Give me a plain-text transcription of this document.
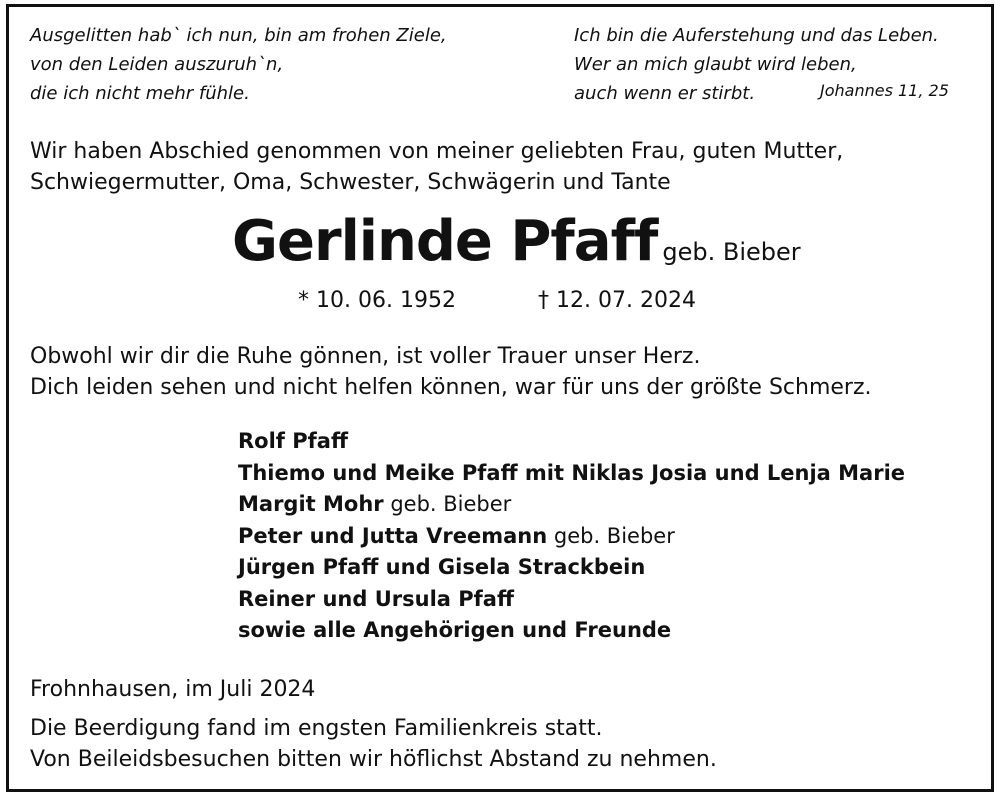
Ausgelitten hab` ich nun, bin am frohen Ziele,
von den Leiden auszuruh`n,
die ich nicht mehr fühle.
Ich bin die Auferstehung und das Leben.
Wer an mich glaubt wird leben,
auch wenn er stirbt.	Johannes 11, 25
Wir haben Abschied genommen von meiner geliebten Frau, guten Mutter,
Schwiegermutter, Oma, Schwester, Schwägerin und Tante
Gerlinde Pfaff geb. Bieber
* 10. 06. 1952	† 12. 07. 2024
Obwohl wir dir die Ruhe gönnen, ist voller Trauer unser Herz.
Dich leiden sehen und nicht helfen können, war für uns der größte Schmerz.
Rolf Pfaff
Thiemo und Meike Pfaff mit Niklas Josia und Lenja Marie
Margit Mohr geb. Bieber
Peter und Jutta Vreemann geb. Bieber
Jürgen Pfaff und Gisela Strackbein
Reiner und Ursula Pfaff
sowie alle Angehörigen und Freunde
Frohnhausen, im Juli 2024
Die Beerdigung fand im engsten Familienkreis statt.
Von Beileidsbesuchen bitten wir höflichst Abstand zu nehmen.
